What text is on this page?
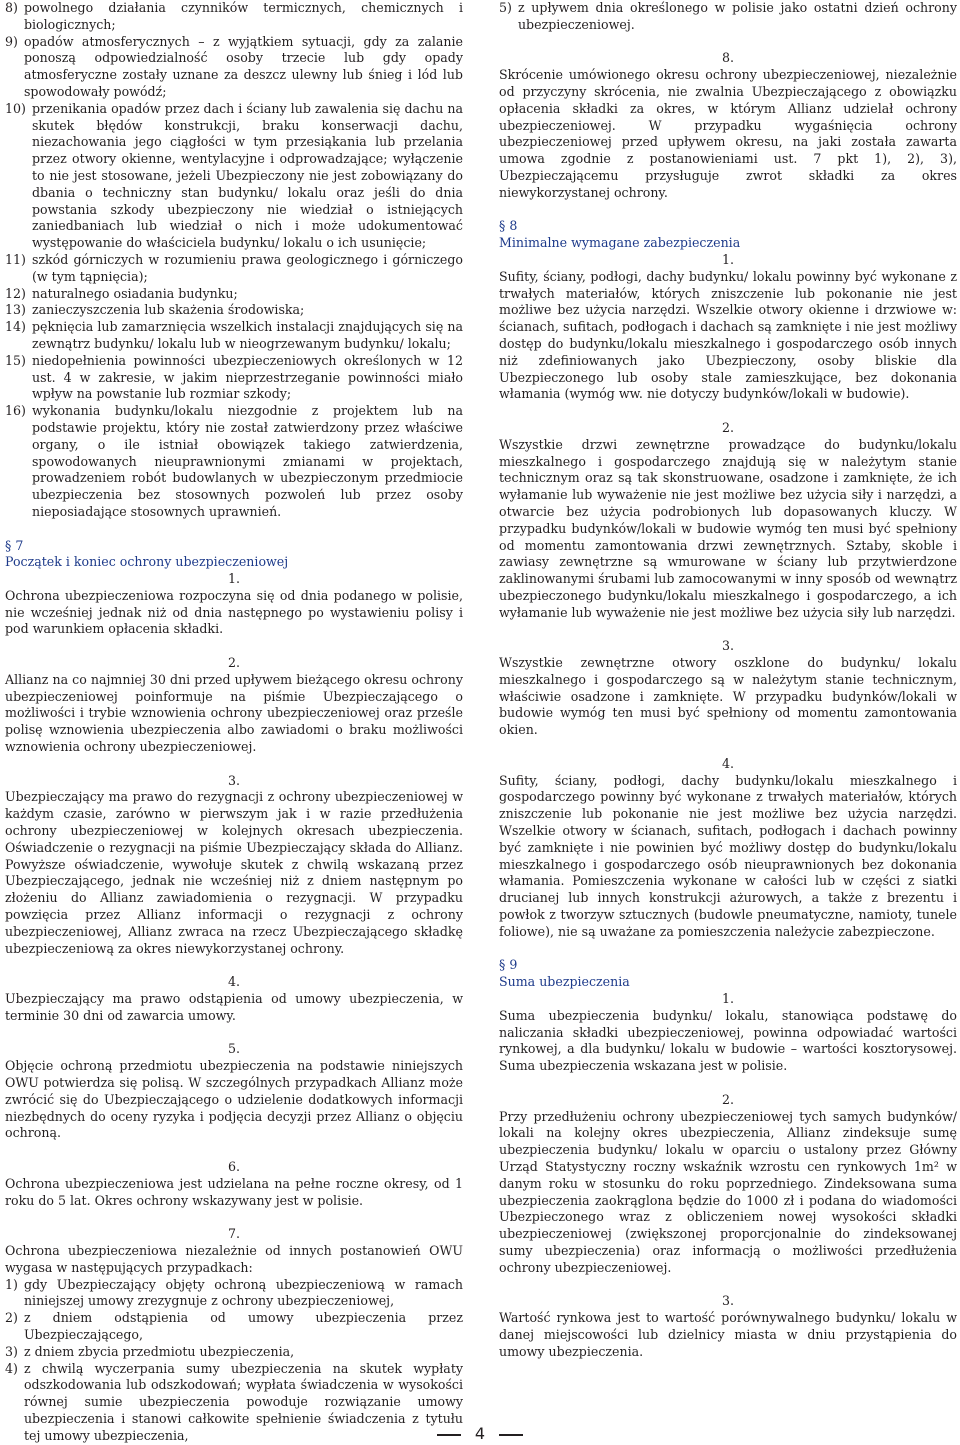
8) powolnego działania czynników termicznych, chemicznych i biologicznych;
9) opadów atmosferycznych – z wyjątkiem sytuacji, gdy za zalanie ponoszą odpowiedzialność osoby trzecie lub gdy opady atmosferyczne zostały uznane za deszcz ulewny lub śnieg i lód lub spowodowały powódź;
10) przenikania opadów przez dach i ściany lub zawalenia się dachu na skutek błędów konstrukcji, braku konserwacji dachu, niezachowania jego ciągłości w tym przesiąkania lub przelania przez otwory okienne, wentylacyjne i odprowadzające; wyłączenie to nie jest stosowane, jeżeli Ubezpieczony nie jest zobowiązany do dbania o techniczny stan budynku/ lokalu oraz jeśli do dnia powstania szkody ubezpieczony nie wiedział o istniejących zaniedbaniach lub wiedział o nich i może udokumentować występowanie do właściciela budynku/ lokalu o ich usunięcie;
11) szkód górniczych w rozumieniu prawa geologicznego i górniczego (w tym tąpnięcia);
12) naturalnego osiadania budynku;
13) zanieczyszczenia lub skażenia środowiska;
14) pęknięcia lub zamarznięcia wszelkich instalacji znajdujących się na zewnątrz budynku/ lokalu lub w nieogrzewanym budynku/ lokalu;
15) niedopełnienia powinności ubezpieczeniowych określonych w 12 ust. 4 w zakresie, w jakim nieprzestrzeganie powinności miało wpływ na powstanie lub rozmiar szkody;
16) wykonania budynku/lokalu niezgodnie z projektem lub na podstawie projektu, który nie został zatwierdzony przez właściwe organy, o ile istniał obowiązek takiego zatwierdzenia, spowodowanych nieuprawnionymi zmianami w projektach, prowadzeniem robót budowlanych w ubezpieczonym przedmiocie ubezpieczenia bez stosownych pozwoleń lub przez osoby nieposiadające stosownych uprawnień.
§ 7
Początek i koniec ochrony ubezpieczeniowej
1.

Ochrona ubezpieczeniowa rozpoczyna się od dnia podanego w polisie, nie wcześniej jednak niż od dnia następnego po wystawieniu polisy i pod warunkiem opłacenia składki.

2.

Allianz na co najmniej 30 dni przed upływem bieżącego okresu ochrony ubezpieczeniowej poinformuje na piśmie Ubezpieczającego o możliwości i trybie wznowienia ochrony ubezpieczeniowej oraz prześle polisę wznowienia ubezpieczenia albo zawiadomi o braku możliwości wznowienia ochrony ubezpieczeniowej.

3.

Ubezpieczający ma prawo do rezygnacji z ochrony ubezpieczeniowej w każdym czasie, zarówno w pierwszym jak i w razie przedłużenia ochrony ubezpieczeniowej w kolejnych okresach ubezpieczenia. Oświadczenie o rezygnacji na piśmie Ubezpieczający składa do Allianz. Powyższe oświadczenie, wywołuje skutek z chwilą wskazaną przez Ubezpieczającego, jednak nie wcześniej niż z dniem następnym po złożeniu do Allianz zawiadomienia o rezygnacji. W przypadku powzięcia przez Allianz informacji o rezygnacji z ochrony ubezpieczeniowej, Allianz zwraca na rzecz Ubezpieczającego składkę ubezpieczeniową za okres niewykorzystanej ochrony.

4.

Ubezpieczający ma prawo odstąpienia od umowy ubezpieczenia, w terminie 30 dni od zawarcia umowy.

5.

Objęcie ochroną przedmiotu ubezpieczenia na podstawie niniejszych OWU potwierdza się polisą. W szczególnych przypadkach Allianz może zwrócić się do Ubezpieczającego o udzielenie dodatkowych informacji niezbędnych do oceny ryzyka i podjęcia decyzji przez Allianz o objęciu ochroną.

6.

Ochrona ubezpieczeniowa jest udzielana na pełne roczne okresy, od 1 roku do 5 lat. Okres ochrony wskazywany jest w polisie.

7.

Ochrona ubezpieczeniowa niezależnie od innych postanowień OWU wygasa w następujących przypadkach:

1) gdy Ubezpieczający objęty ochroną ubezpieczeniową w ramach niniejszej umowy zrezygnuje z ochrony ubezpieczeniowej,
2) z dniem odstąpienia od umowy ubezpieczenia przez Ubezpieczającego,
3) z dniem zbycia przedmiotu ubezpieczenia,
4) z chwilą wyczerpania sumy ubezpieczenia na skutek wypłaty odszkodowania lub odszkodowań; wypłata świadczenia w wysokości równej sumie ubezpieczenia powoduje rozwiązanie umowy ubezpieczenia i stanowi całkowite spełnienie świadczenia z tytułu tej umowy ubezpieczenia,
5) z upływem dnia określonego w polisie jako ostatni dzień ochrony ubezpieczeniowej.
8.

Skrócenie umówionego okresu ochrony ubezpieczeniowej, niezależnie od przyczyny skrócenia, nie zwalnia Ubezpieczającego z obowiązku opłacenia składki za okres, w którym Allianz udzielał ochrony ubezpieczeniowej. W przypadku wygaśnięcia ochrony ubezpieczeniowej przed upływem okresu, na jaki została zawarta umowa zgodnie z postanowieniami ust. 7 pkt 1), 2), 3), Ubezpieczającemu przysługuje zwrot składki za okres niewykorzystanej ochrony.

§ 8
Minimalne wymagane zabezpieczenia
1.

Sufity, ściany, podłogi, dachy budynku/ lokalu powinny być wykonane z trwałych materiałów, których zniszczenie lub pokonanie nie jest możliwe bez użycia narzędzi. Wszelkie otwory okienne i drzwiowe w: ścianach, sufitach, podłogach i dachach są zamknięte i nie jest możliwy dostęp do budynku/lokalu mieszkalnego i gospodarczego osób innych niż zdefiniowanych jako Ubezpieczony, osoby bliskie dla Ubezpieczonego lub osoby stale zamieszkujące, bez dokonania włamania (wymóg ww. nie dotyczy budynków/lokali w budowie).

2.

Wszystkie drzwi zewnętrzne prowadzące do budynku/lokalu mieszkalnego i gospodarczego znajdują się w należytym stanie technicznym oraz są tak skonstruowane, osadzone i zamknięte, że ich wyłamanie lub wyważenie nie jest możliwe bez użycia siły i narzędzi, a otwarcie bez użycia podrobionych lub dopasowanych kluczy. W przypadku budynków/lokali w budowie wymóg ten musi być spełniony od momentu zamontowania drzwi zewnętrznych. Sztaby, skoble i zawiasy zewnętrzne są wmurowane w ściany lub przytwierdzone zaklinowanymi śrubami lub zamocowanymi w inny sposób od wewnątrz ubezpieczonego budynku/lokalu mieszkalnego i gospodarczego, a ich wyłamanie lub wyważenie nie jest możliwe bez użycia siły lub narzędzi.

3.

Wszystkie zewnętrzne otwory oszklone do budynku/ lokalu mieszkalnego i gospodarczego są w należytym stanie technicznym, właściwie osadzone i zamknięte. W przypadku budynków/lokali w budowie wymóg ten musi być spełniony od momentu zamontowania okien.

4.

Sufity, ściany, podłogi, dachy budynku/lokalu mieszkalnego i gospodarczego powinny być wykonane z trwałych materiałów, których zniszczenie lub pokonanie nie jest możliwe bez użycia narzędzi. Wszelkie otwory w ścianach, sufitach, podłogach i dachach powinny być zamknięte i nie powinien być możliwy dostęp do budynku/lokalu mieszkalnego i gospodarczego osób nieuprawnionych bez dokonania włamania. Pomieszczenia wykonane w całości lub w części z siatki drucianej lub innych konstrukcji ażurowych, a także z brezentu i powłok z tworzyw sztucznych (budowle pneumatyczne, namioty, tunele foliowe), nie są uważane za pomieszczenia należycie zabezpieczone.

§ 9
Suma ubezpieczenia
1.

Suma ubezpieczenia budynku/ lokalu, stanowiąca podstawę do naliczania składki ubezpieczeniowej, powinna odpowiadać wartości rynkowej, a dla budynku/ lokalu w budowie – wartości kosztorysowej. Suma ubezpieczenia wskazana jest w polisie.

2.

Przy przedłużeniu ochrony ubezpieczeniowej tych samych budynków/ lokali na kolejny okres ubezpieczenia, Allianz zindeksuje sumę ubezpieczenia budynku/ lokalu w oparciu o ustalony przez Główny Urząd Statystyczny roczny wskaźnik wzrostu cen rynkowych 1m² w danym roku w stosunku do roku poprzedniego. Zindeksowana suma ubezpieczenia zaokrąglona będzie do 1000 zł i podana do wiadomości Ubezpieczonego wraz z obliczeniem nowej wysokości składki ubezpieczeniowej (zwiększonej proporcjonalnie do zindeksowanej sumy ubezpieczenia) oraz informacją o możliwości przedłużenia ochrony ubezpieczeniowej.

3.

Wartość rynkowa jest to wartość porównywalnego budynku/ lokalu w danej miejscowości lub dzielnicy miasta w dniu przystąpienia do umowy ubezpieczenia.

4
